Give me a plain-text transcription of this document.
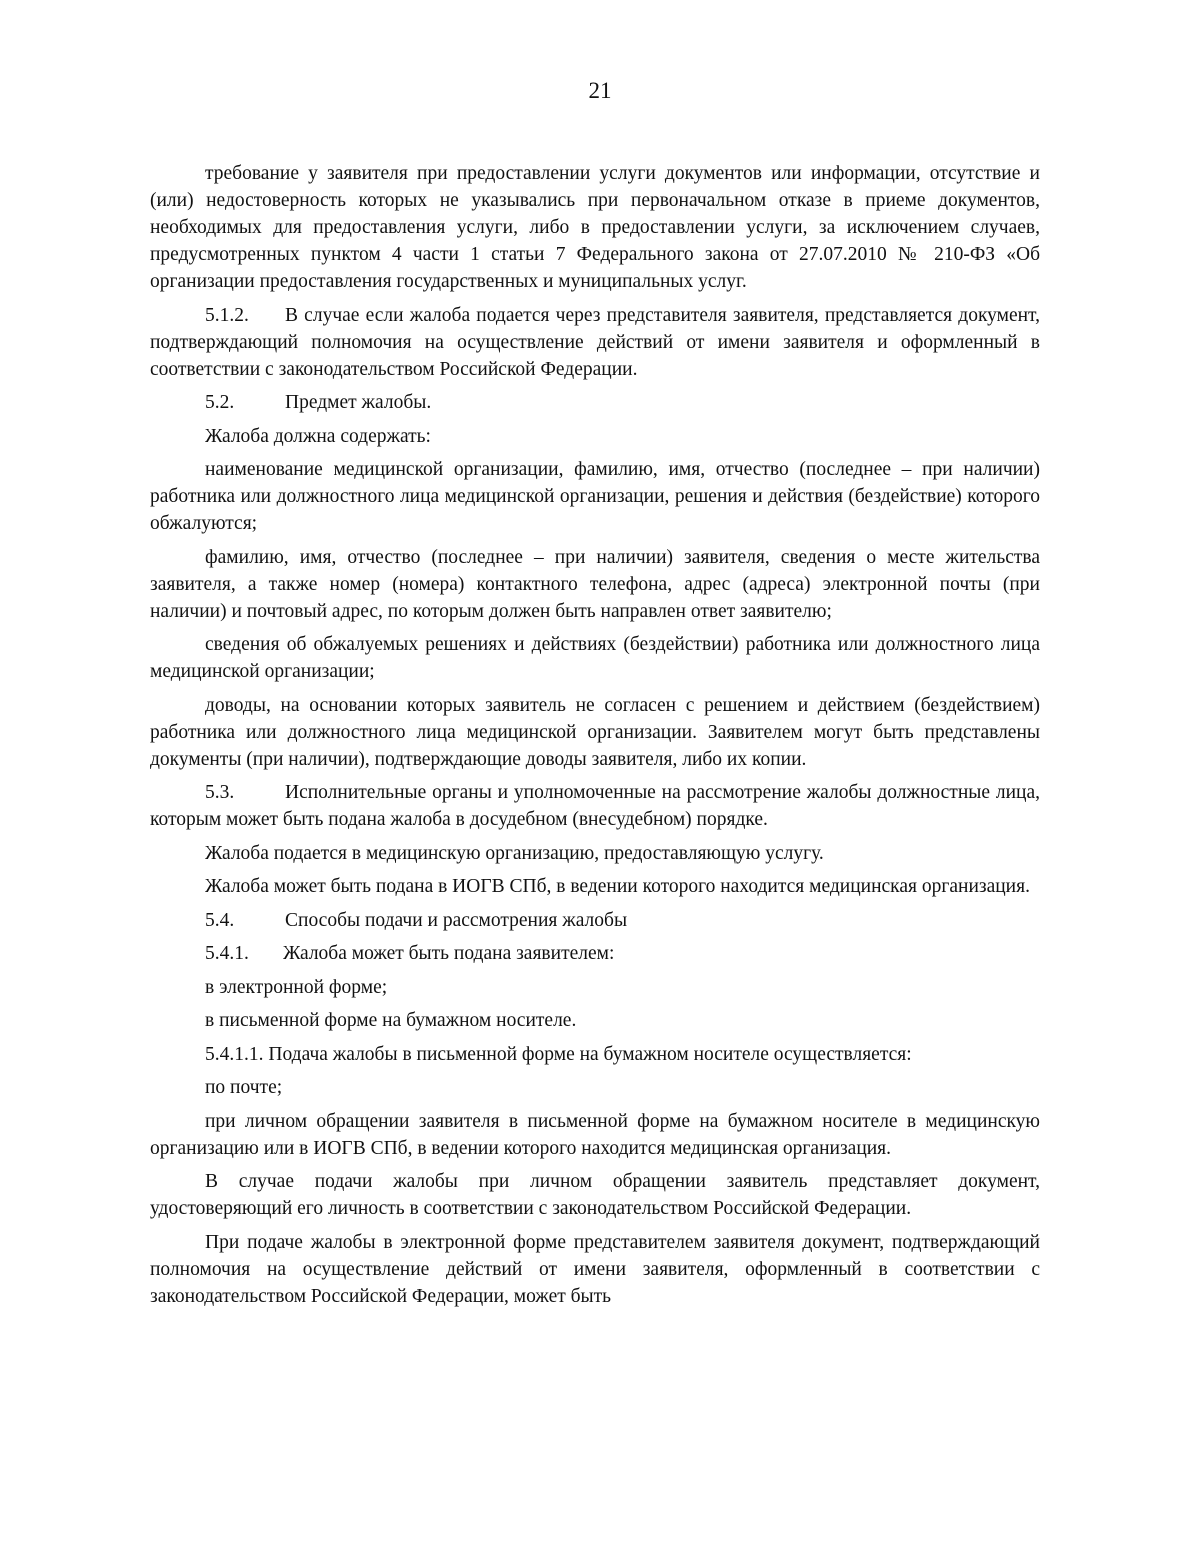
21

требование у заявителя при предоставлении услуги документов или информации, отсутствие и (или) недостоверность которых не указывались при первоначальном отказе в приеме документов, необходимых для предоставления услуги, либо в предоставлении услуги, за исключением случаев, предусмотренных пунктом 4 части 1 статьи 7 Федерального закона от 27.07.2010 № 210-ФЗ «Об организации предоставления государственных и муниципальных услуг.

5.1.2. В случае если жалоба подается через представителя заявителя, представляется документ, подтверждающий полномочия на осуществление действий от имени заявителя и оформленный в соответствии с законодательством Российской Федерации.

5.2.	Предмет жалобы.

Жалоба должна содержать:

наименование медицинской организации, фамилию, имя, отчество (последнее – при наличии) работника или должностного лица медицинской организации, решения и действия (бездействие) которого обжалуются;

фамилию, имя, отчество (последнее – при наличии) заявителя, сведения о месте жительства заявителя, а также номер (номера) контактного телефона, адрес (адреса) электронной почты (при наличии) и почтовый адрес, по которым должен быть направлен ответ заявителю;

сведения об обжалуемых решениях и действиях (бездействии) работника или должностного лица медицинской организации;

доводы, на основании которых заявитель не согласен с решением и действием (бездействием) работника или должностного лица медицинской организации. Заявителем могут быть представлены документы (при наличии), подтверждающие доводы заявителя, либо их копии.

5.3.	Исполнительные органы и уполномоченные на рассмотрение жалобы должностные лица, которым может быть подана жалоба в досудебном (внесудебном) порядке.

Жалоба подается в медицинскую организацию, предоставляющую услугу.

Жалоба может быть подана в ИОГВ СПб, в ведении которого находится медицинская организация.

5.4.	Способы подачи и рассмотрения жалобы

5.4.1. Жалоба может быть подана заявителем:

в электронной форме;

в письменной форме на бумажном носителе.

5.4.1.1. Подача жалобы в письменной форме на бумажном носителе осуществляется:

по почте;

при личном обращении заявителя в письменной форме на бумажном носителе в медицинскую организацию или в ИОГВ СПб, в ведении которого находится медицинская организация.

В случае подачи жалобы при личном обращении заявитель представляет документ, удостоверяющий его личность в соответствии с законодательством Российской Федерации.

При подаче жалобы в электронной форме представителем заявителя документ, подтверждающий полномочия на осуществление действий от имени заявителя, оформленный в соответствии с законодательством Российской Федерации, может быть
